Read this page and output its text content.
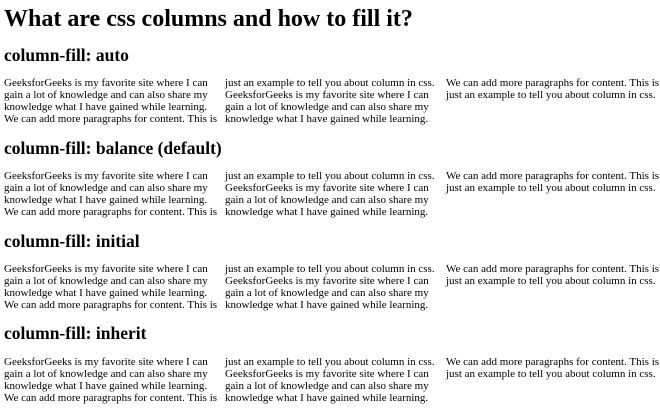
What are css columns and how to fill it?
column-fill: auto
GeeksforGeeks is my favorite site where I can
gain a lot of knowledge and can also share my
knowledge what I have gained while learning.
We can add more paragraphs for content. This is
just an example to tell you about column in css.
GeeksforGeeks is my favorite site where I can
gain a lot of knowledge and can also share my
knowledge what I have gained while learning.
We can add more paragraphs for content. This is
just an example to tell you about column in css.
column-fill: balance (default)
GeeksforGeeks is my favorite site where I can
gain a lot of knowledge and can also share my
knowledge what I have gained while learning.
We can add more paragraphs for content. This is
just an example to tell you about column in css.
GeeksforGeeks is my favorite site where I can
gain a lot of knowledge and can also share my
knowledge what I have gained while learning.
We can add more paragraphs for content. This is
just an example to tell you about column in css.
column-fill: initial
GeeksforGeeks is my favorite site where I can
gain a lot of knowledge and can also share my
knowledge what I have gained while learning.
We can add more paragraphs for content. This is
just an example to tell you about column in css.
GeeksforGeeks is my favorite site where I can
gain a lot of knowledge and can also share my
knowledge what I have gained while learning.
We can add more paragraphs for content. This is
just an example to tell you about column in css.
column-fill: inherit
GeeksforGeeks is my favorite site where I can
gain a lot of knowledge and can also share my
knowledge what I have gained while learning.
We can add more paragraphs for content. This is
just an example to tell you about column in css.
GeeksforGeeks is my favorite site where I can
gain a lot of knowledge and can also share my
knowledge what I have gained while learning.
We can add more paragraphs for content. This is
just an example to tell you about column in css.
